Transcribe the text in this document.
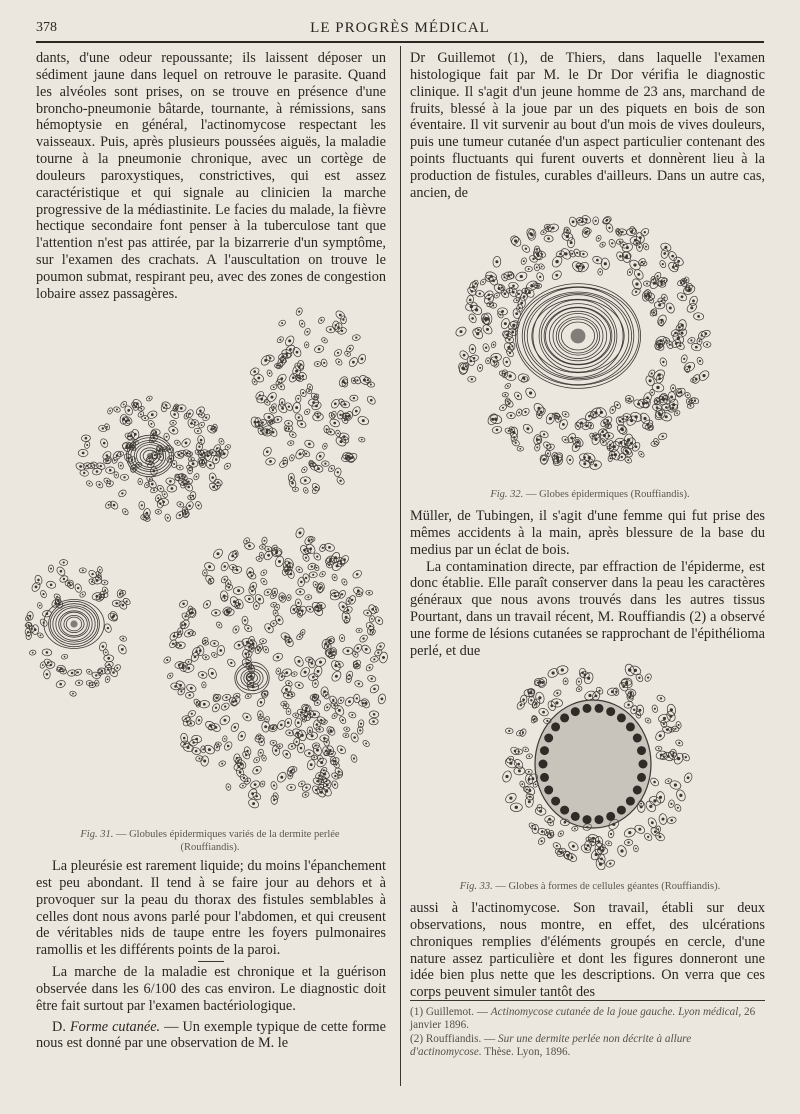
378	LE PROGRÈS MÉDICAL

dants, d'une odeur repoussante; ils laissent déposer un sédiment jaune dans lequel on retrouve le parasite. Quand les alvéoles sont prises, on se trouve en présence d'une broncho-pneumonie bâtarde, tournante, à rémissions, sans hémoptysie en général, l'actinomycose respectant les vaisseaux. Puis, après plusieurs poussées aiguës, la maladie tourne à la pneumonie chronique, avec un cortège de douleurs paroxystiques, constrictives, qui est assez caractéristique et qui signale au clinicien la marche progressive de la médiastinite. Le facies du malade, la fièvre hectique secondaire font penser à la tuberculose tant que l'attention n'est pas attirée, par la bizarrerie d'un symptôme, sur l'examen des crachats. A l'auscultation on trouve le poumon submat, respirant peu, avec des zones de congestion lobaire assez passagères.

Fig. 31. — Globules épidermiques variés de la dermite perlée (Rouffiandis).

La pleurésie est rarement liquide; du moins l'épanchement est peu abondant. Il tend à se faire jour au dehors et à provoquer sur la peau du thorax des fistules semblables à celles dont nous avons parlé pour l'abdomen, et qui creusent de véritables nids de taupe entre les foyers pulmonaires ramollis et les différents points de la paroi.

La marche de la maladie est chronique et la guérison observée dans les 6/100 des cas environ. Le diagnostic doit être fait surtout par l'examen bactériologique.

D. Forme cutanée. — Un exemple typique de cette forme nous est donné par une observation de M. le

Dr Guillemot (1), de Thiers, dans laquelle l'examen histologique fait par M. le Dr Dor vérifia le diagnostic clinique. Il s'agit d'un jeune homme de 23 ans, marchand de fruits, blessé à la joue par un des piquets en bois de son éventaire. Il vit survenir au bout d'un mois de vives douleurs, puis une tumeur cutanée d'un aspect particulier contenant des points fluctuants qui furent ouverts et donnèrent lieu à la production de fistules, curables d'ailleurs. Dans un autre cas, ancien, de

Fig. 32. — Globes épidermiques (Rouffiandis).

Müller, de Tubingen, il s'agit d'une femme qui fut prise des mêmes accidents à la main, après blessure de la base du medius par un éclat de bois.

La contamination directe, par effraction de l'épiderme, est donc établie. Elle paraît conserver dans la peau les caractères généraux que nous avons trouvés dans les autres tissus Pourtant, dans un travail récent, M. Rouffiandis (2) a observé une forme de lésions cutanées se rapprochant de l'épithélioma perlé, et due

Fig. 33. — Globes à formes de cellules géantes (Rouffiandis).

aussi à l'actinomycose. Son travail, établi sur deux observations, nous montre, en effet, des ulcérations chroniques remplies d'éléments groupés en cercle, d'une nature assez particulière et dont les figures donneront une idée bien plus nette que les descriptions. On verra que ces corps peuvent simuler tantôt des

(1) Guillemot. — Actinomycose cutanée de la joue gauche. Lyon médical, 26 janvier 1896.

(2) Rouffiandis. — Sur une dermite perlée non décrite à allure d'actinomycose. Thèse. Lyon, 1896.
